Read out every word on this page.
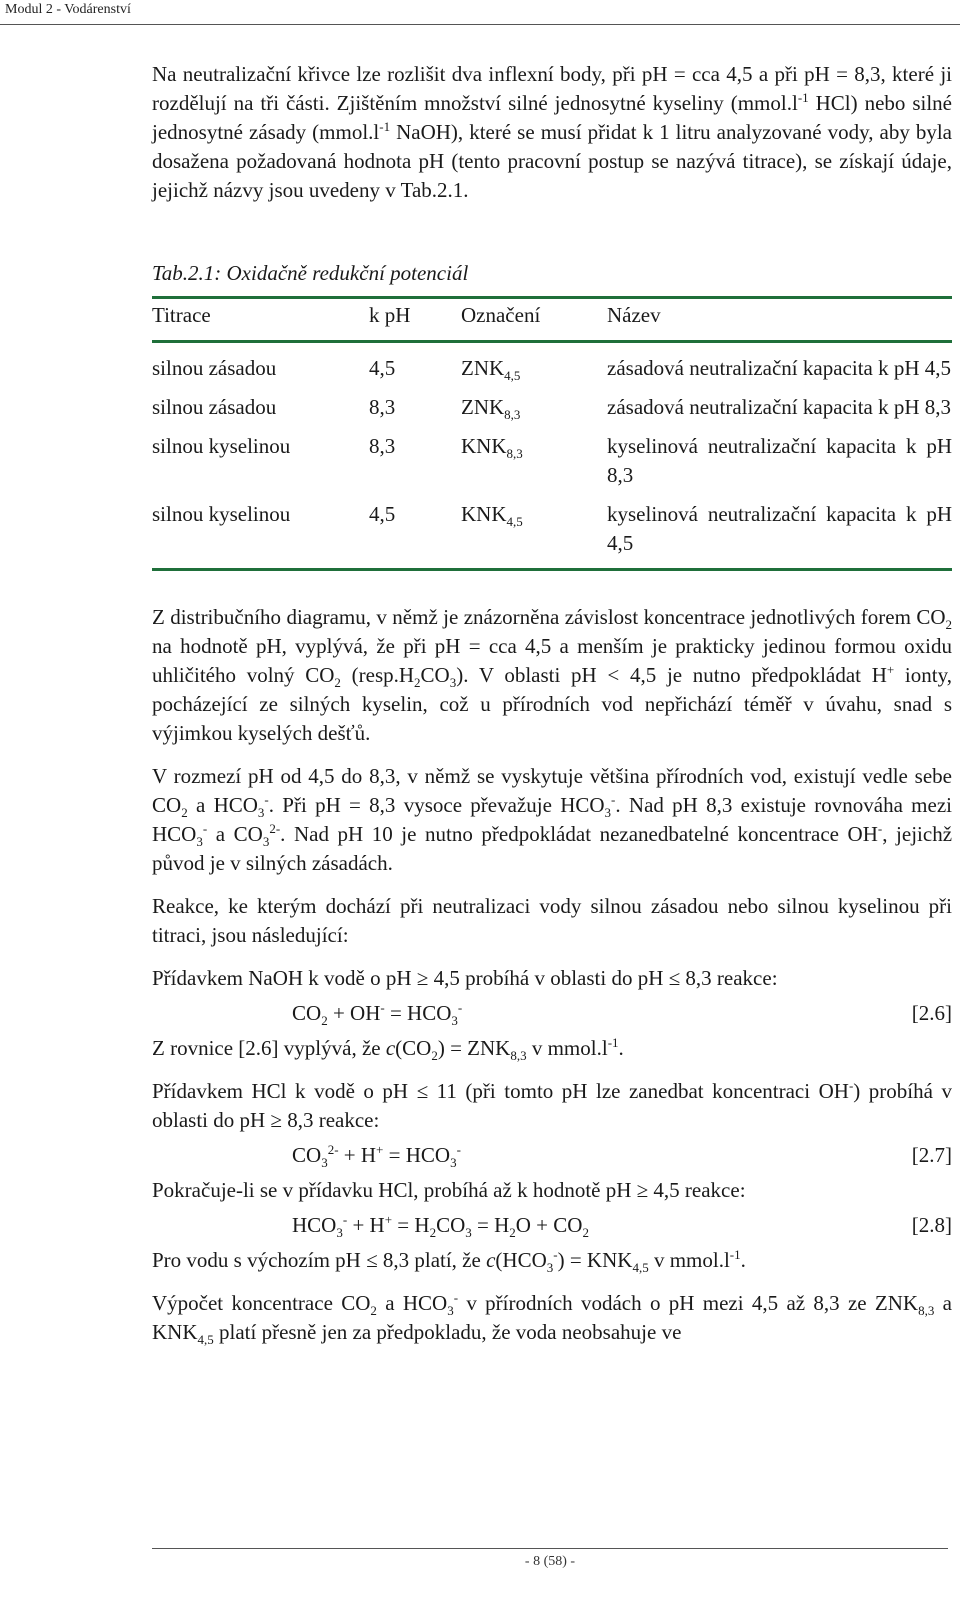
Modul 2 - Vodárenství

Na neutralizační křivce lze rozlišit dva inflexní body, při pH = cca 4,5 a při pH = 8,3, které ji rozdělují na tři části. Zjištěním množství silné jednosytné kyseliny ($mmol.l^{-1}$ HCl) nebo silné jednosytné zásady ($mmol.l^{-1}$ NaOH), které se musí přidat k 1 litru analyzované vody, aby byla dosažena požadovaná hodnota pH (tento pracovní postup se nazývá titrace), se získají údaje, jejichž názvy jsou uvedeny v Tab.2.1.

Tab.2.1: Oxidačně redukční potenciál
Titrace	k pH	Označení	Název

silnou zásadou	4,5	$ZNK_{4,5}$	zásadová neutralizační kapacita k pH 4,5
silnou zásadou	8,3	$ZNK_{8,3}$	zásadová neutralizační kapacita k pH 8,3
silnou kyselinou	8,3	$KNK_{8,3}$	kyselinová neutralizační kapacita k pH 8,3
silnou kyselinou	4,5	$KNK_{4,5}$	kyselinová neutralizační kapacita k pH 4,5

Z distribučního diagramu, v němž je znázorněna závislost koncentrace jednotlivých forem $CO_2$ na hodnotě pH, vyplývá, že při pH = cca 4,5 a menším je prakticky jedinou formou oxidu uhličitého volný $CO_2$ $(resp.H_2CO_3)$. V oblasti pH < 4,5 je nutno předpokládat H+ ionty, pocházející ze silných kyselin, což u přírodních vod nepřichází téměř v úvahu, snad s výjimkou kyselých dešťů.

V rozmezí pH od 4,5 do 8,3, v němž se vyskytuje většina přírodních vod, existují vedle sebe $CO_2$ a $HCO_3^-$. Při pH = 8,3 vysoce převažuje $HCO_3^-$. Nad pH 8,3 existuje rovnováha mezi $HCO_3^-$ a $CO_3^{2-}$. Nad pH 10 je nutno předpokládat nezanedbatelné koncentrace OH-, jejichž původ je v silných zásadách.

Reakce, ke kterým dochází při neutralizaci vody silnou zásadou nebo silnou kyselinou při titraci, jsou následující:

Přídavkem NaOH k vodě o pH ≥ 4,5 probíhá v oblasti do pH ≤ 8,3 reakce:

$CO_2 + OH^- = HCO_3^-$	[2.6]

Z rovnice [2.6] vyplývá, že $c(CO_2) = ZNK_{8,3}$ v $mmol.l^{-1}$.

Přídavkem HCl k vodě o pH ≤ 11 (při tomto pH lze zanedbat koncentraci OH-) probíhá v oblasti do pH ≥ 8,3 reakce:

$CO_3^{2-} + H^+ = HCO_3^-$	[2.7]

Pokračuje-li se v přídavku HCl, probíhá až k hodnotě pH ≥ 4,5 reakce:

$HCO_3^- + H^+ = H_2CO_3 = H_2O + CO_2$	[2.8]

Pro vodu s výchozím pH ≤ 8,3 platí, že $c(HCO_3^-) = KNK_{4,5}$ v $mmol.l^{-1}$.

Výpočet koncentrace $CO_2$ a $HCO_3^-$ v přírodních vodách o pH mezi 4,5 až 8,3 ze $ZNK_{8,3}$ a $KNK_{4,5}$ platí přesně jen za předpokladu, že voda neobsahuje ve

- 8 (58) -
